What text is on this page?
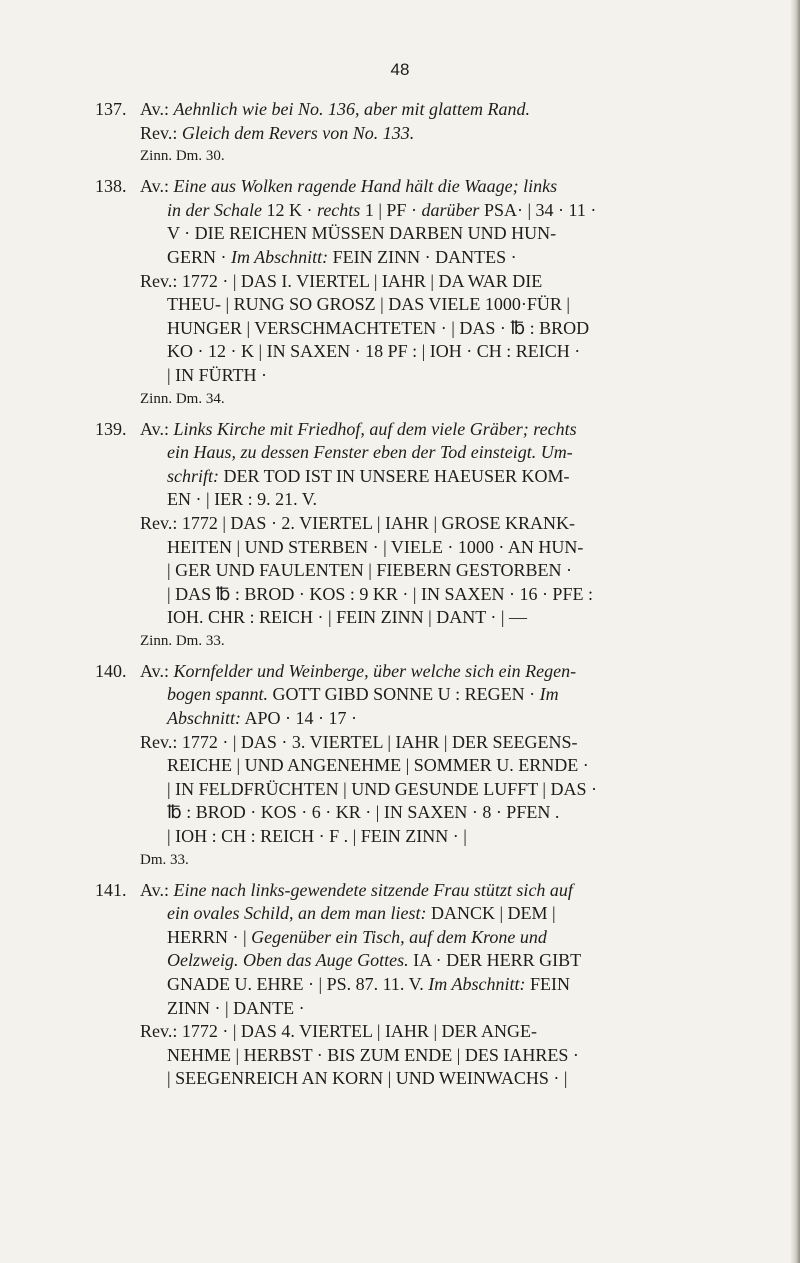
48
137. Av.: Aehnlich wie bei No. 136, aber mit glattem Rand.
Rev.: Gleich dem Revers von No. 133.
Zinn. Dm. 30.
138. Av.: Eine aus Wolken ragende Hand hält die Waage; links
in der Schale 12 K · rechts 1 | PF · darüber PSA· | 34 · 11 ·
V · DIE REICHEN MÜSSEN DARBEN UND HUN-
GERN · Im Abschnitt: FEIN ZINN · DANTES ·
Rev.: 1772 · | DAS I. VIERTEL | IAHR | DA WAR DIE
THEU- | RUNG SO GROSZ | DAS VIELE 1000·FÜR |
HUNGER | VERSCHMACHTETEN · | DAS · ℔ : BROD
KO · 12 · K | IN SAXEN · 18 PF : | IOH · CH : REICH ·
| IN FÜRTH ·
Zinn. Dm. 34.
139. Av.: Links Kirche mit Friedhof, auf dem viele Gräber; rechts
ein Haus, zu dessen Fenster eben der Tod einsteigt. Um-
schrift: DER TOD IST IN UNSERE HAEUSER KOM-
EN · | IER : 9. 21. V.
Rev.: 1772 | DAS · 2. VIERTEL | IAHR | GROSE KRANK-
HEITEN | UND STERBEN · | VIELE · 1000 · AN HUN-
| GER UND FAULENTEN | FIEBERN GESTORBEN ·
| DAS ℔ : BROD · KOS : 9 KR · | IN SAXEN · 16 · PFE :
IOH. CHR : REICH · | FEIN ZINN | DANT · | —
Zinn. Dm. 33.
140. Av.: Kornfelder und Weinberge, über welche sich ein Regen-
bogen spannt. GOTT GIBD SONNE U : REGEN · Im
Abschnitt: APO · 14 · 17 ·
Rev.: 1772 · | DAS · 3. VIERTEL | IAHR | DER SEEGENS-
REICHE | UND ANGENEHME | SOMMER U. ERNDE ·
| IN FELDFRÜCHTEN | UND GESUNDE LUFFT | DAS ·
℔ : BROD · KOS · 6 · KR · | IN SAXEN · 8 · PFEN .
| IOH : CH : REICH · F . | FEIN ZINN · |
Dm. 33.
141. Av.: Eine nach links-gewendete sitzende Frau stützt sich auf
ein ovales Schild, an dem man liest: DANCK | DEM |
HERRN · | Gegenüber ein Tisch, auf dem Krone und
Oelzweig. Oben das Auge Gottes. IA · DER HERR GIBT
GNADE U. EHRE · | PS. 87. 11. V. Im Abschnitt: FEIN
ZINN · | DANTE ·
Rev.: 1772 · | DAS 4. VIERTEL | IAHR | DER ANGE-
NEHME | HERBST · BIS ZUM ENDE | DES IAHRES ·
| SEEGENREICH AN KORN | UND WEINWACHS · |
